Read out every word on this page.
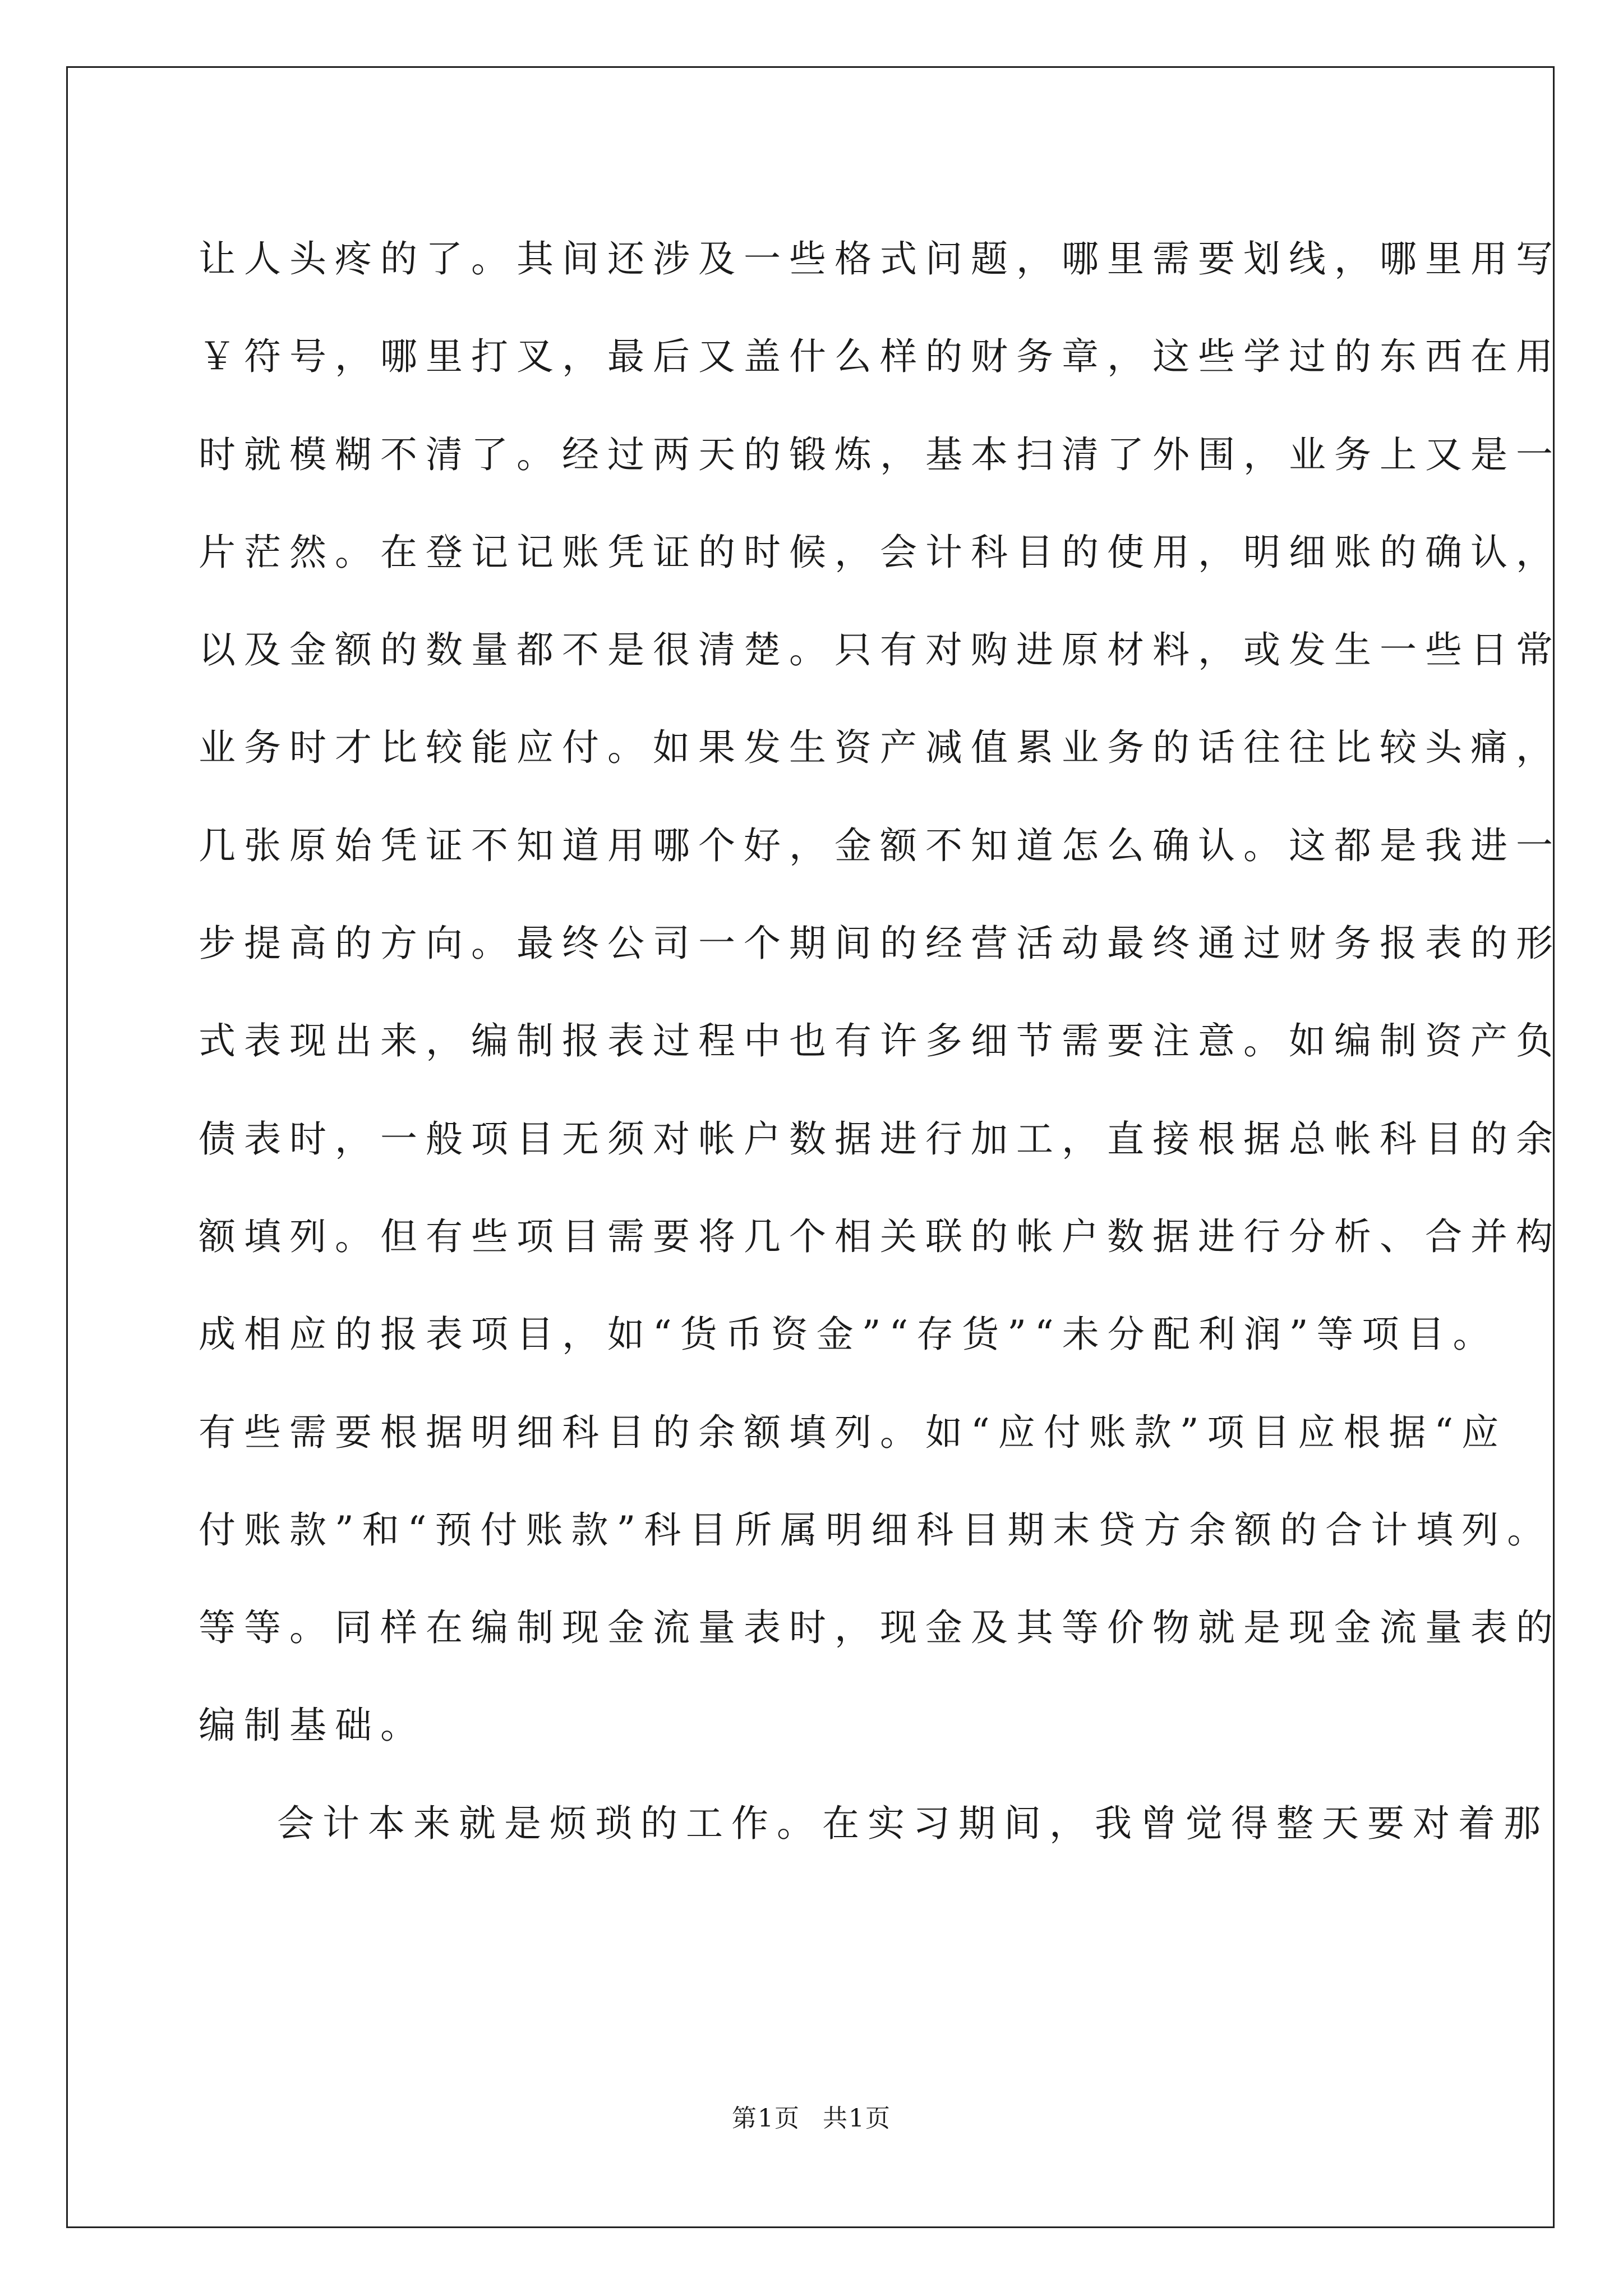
让人头疼的了。其间还涉及一些格式问题，哪里需要划线，哪里用写
￥符号，哪里打叉，最后又盖什么样的财务章，这些学过的东西在用
时就模糊不清了。经过两天的锻炼，基本扫清了外围，业务上又是一
片茫然。在登记记账凭证的时候，会计科目的使用，明细账的确认，
以及金额的数量都不是很清楚。只有对购进原材料，或发生一些日常
业务时才比较能应付。如果发生资产减值累业务的话往往比较头痛，
几张原始凭证不知道用哪个好，金额不知道怎么确认。这都是我进一
步提高的方向。最终公司一个期间的经营活动最终通过财务报表的形
式表现出来，编制报表过程中也有许多细节需要注意。如编制资产负
债表时，一般项目无须对帐户数据进行加工，直接根据总帐科目的余
额填列。但有些项目需要将几个相关联的帐户数据进行分析、合并构
成相应的报表项目，如“货币资金”“存货”“未分配利润”等项目。
有些需要根据明细科目的余额填列。如“应付账款”项目应根据“应
付账款”和“预付账款”科目所属明细科目期末贷方余额的合计填列。
等等。同样在编制现金流量表时，现金及其等价物就是现金流量表的
编制基础。
会计本来就是烦琐的工作。在实习期间，我曾觉得整天要对着那
第1页 共1页
